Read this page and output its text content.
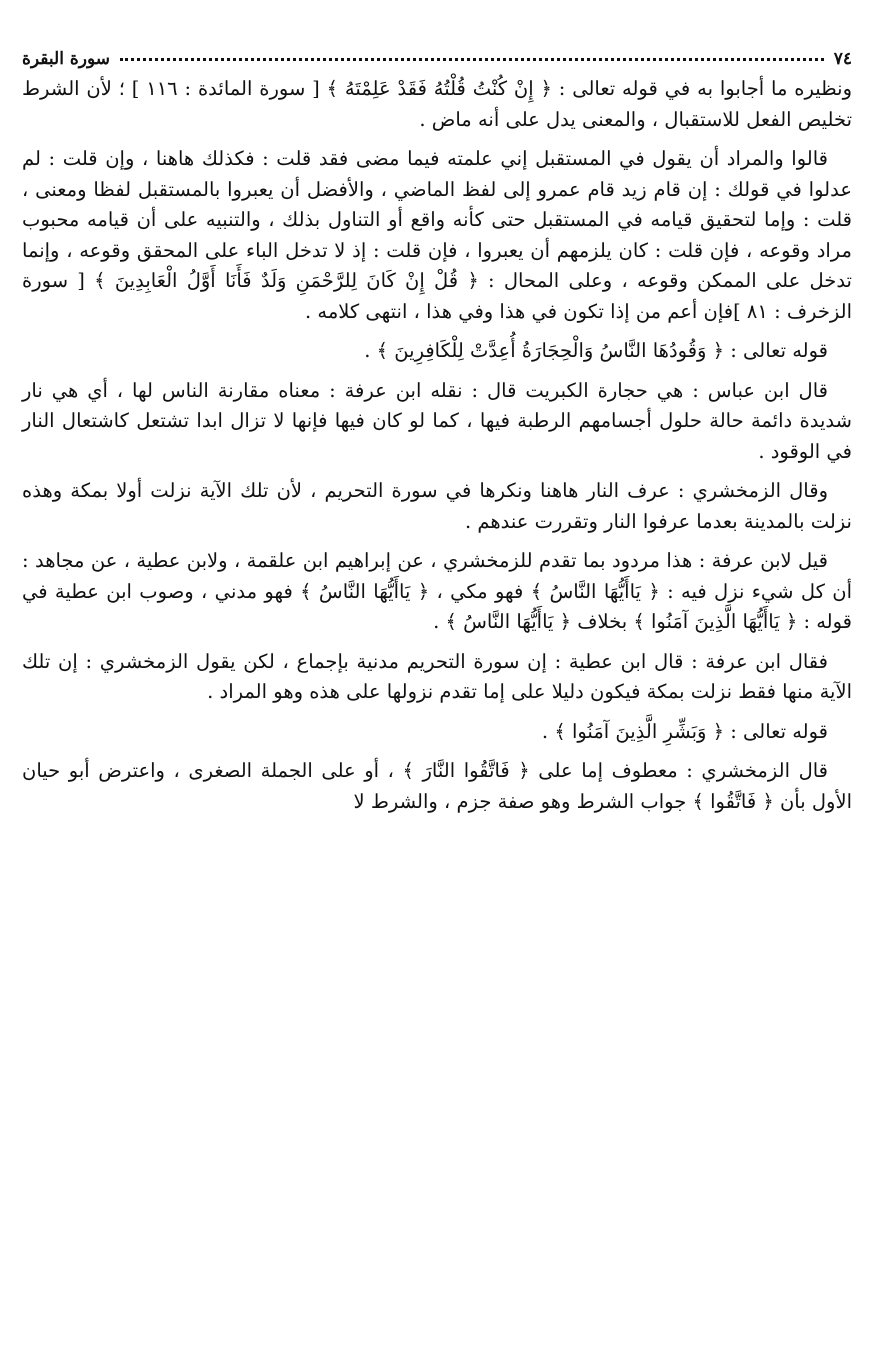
٧٤
سورة البقرة

ونظيره ما أجابوا به في قوله تعالى : ﴿ إِنْ كُنْتُ قُلْتُهُ فَقَدْ عَلِمْتَهُ ﴾ [ سورة المائدة : ١١٦ ] ؛ لأن الشرط تخليص الفعل للاستقبال ، والمعنى يدل على أنه ماض .

قالوا والمراد أن يقول في المستقبل إني علمته فيما مضى فقد قلت : فكذلك هاهنا ، وإن قلت : لم عدلوا في قولك : إن قام زيد قام عمرو إلى لفظ الماضي ، والأفضل أن يعبروا بالمستقبل لفظا ومعنى ، قلت : وإما لتحقيق قيامه في المستقبل حتى كأنه واقع أو التناول بذلك ، والتنبيه على أن قيامه محبوب مراد وقوعه ، فإن قلت : كان يلزمهم أن يعبروا ، فإن قلت : إذ لا تدخل الباء على المحقق وقوعه ، وإنما تدخل على الممكن وقوعه ، وعلى المحال : ﴿ قُلْ إِنْ كَانَ لِلرَّحْمَنِ وَلَدٌ فَأَنَا أَوَّلُ الْعَابِدِينَ ﴾ [ سورة الزخرف : ٨١ ]فإن أعم من إذا تكون في هذا وفي هذا ، انتهى كلامه .

قوله تعالى : ﴿ وَقُودُهَا النَّاسُ وَالْحِجَارَةُ أُعِدَّتْ لِلْكَافِرِينَ ﴾ .

قال ابن عباس : هي حجارة الكبريت قال : نقله ابن عرفة : معناه مقارنة الناس لها ، أي هي نار شديدة دائمة حالة حلول أجسامهم الرطبة فيها ، كما لو كان فيها فإنها لا تزال ابدا تشتعل كاشتعال النار في الوقود .

وقال الزمخشري : عرف النار هاهنا ونكرها في سورة التحريم ، لأن تلك الآية نزلت أولا بمكة وهذه نزلت بالمدينة بعدما عرفوا النار وتقررت عندهم .

قيل لابن عرفة : هذا مردود بما تقدم للزمخشري ، عن إبراهيم ابن علقمة ، ولابن عطية ، عن مجاهد : أن كل شيء نزل فيه : ﴿ يَاأَيُّهَا النَّاسُ ﴾ فهو مكي ، ﴿ يَاأَيُّهَا النَّاسُ ﴾ فهو مدني ، وصوب ابن عطية في قوله : ﴿ يَاأَيُّهَا الَّذِينَ آمَنُوا ﴾ بخلاف ﴿ يَاأَيُّهَا النَّاسُ ﴾ .

فقال ابن عرفة : قال ابن عطية : إن سورة التحريم مدنية بإجماع ، لكن يقول الزمخشري : إن تلك الآية منها فقط نزلت بمكة فيكون دليلا على إما تقدم نزولها على هذه وهو المراد .

قوله تعالى : ﴿ وَبَشِّرِ الَّذِينَ آمَنُوا ﴾ .

قال الزمخشري : معطوف إما على ﴿ فَاتَّقُوا النَّارَ ﴾ ، أو على الجملة الصغرى ، واعترض أبو حيان الأول بأن ﴿ فَاتَّقُوا ﴾ جواب الشرط وهو صفة جزم ، والشرط لا
